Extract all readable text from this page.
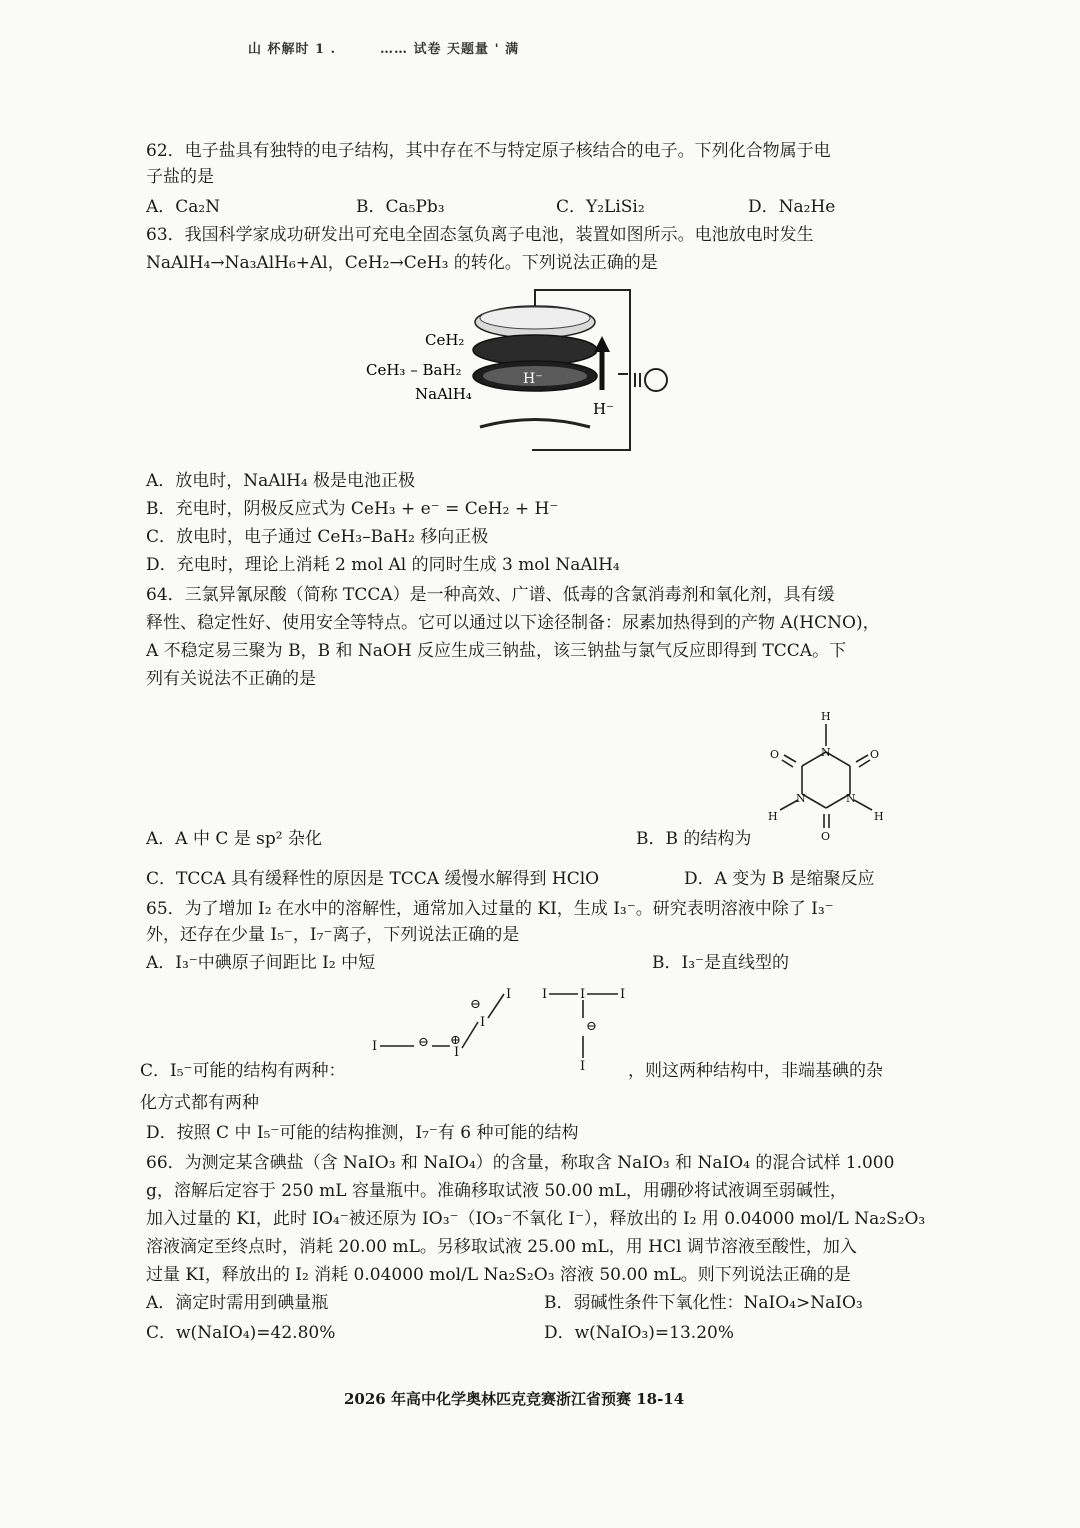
山 杯解时 1 .	…… 试卷 天题量 ' 满
62．电子盐具有独特的电子结构，其中存在不与特定原子核结合的电子。下列化合物属于电
子盐的是
A．Ca₂N	B．Ca₅Pb₃	C．Y₂LiSi₂	D．Na₂He
63．我国科学家成功研发出可充电全固态氢负离子电池，装置如图所示。电池放电时发生
NaAlH₄→Na₃AlH₆+Al，CeH₂→CeH₃ 的转化。下列说法正确的是
CeH₂
CeH₃ – BaH₂
NaAlH₄
H⁻
H⁻
A．放电时，NaAlH₄ 极是电池正极
B．充电时，阴极反应式为 CeH₃ + e⁻ = CeH₂ + H⁻
C．放电时，电子通过 CeH₃–BaH₂ 移向正极
D．充电时，理论上消耗 2 mol Al 的同时生成 3 mol NaAlH₄
64．三氯异氰尿酸（简称 TCCA）是一种高效、广谱、低毒的含氯消毒剂和氧化剂，具有缓
释性、稳定性好、使用安全等特点。它可以通过以下途径制备：尿素加热得到的产物 A(HCNO)，
A 不稳定易三聚为 B，B 和 NaOH 反应生成三钠盐，该三钠盐与氯气反应即得到 TCCA。下
列有关说法不正确的是
H
N	O
O
N
N
H
H
O
A．A 中 C 是 sp² 杂化	B．B 的结构为
C．TCCA 具有缓释性的原因是 TCCA 缓慢水解得到 HClO	D．A 变为 B 是缩聚反应
65．为了增加 I₂ 在水中的溶解性，通常加入过量的 KI，生成 I₃⁻。研究表明溶液中除了 I₃⁻
外，还存在少量 I₅⁻，I₇⁻离子，下列说法正确的是
A．I₃⁻中碘原子间距比 I₂ 中短	B．I₃⁻是直线型的
I	⊖ ⊕
I
⊖
I
I I	I	I
⊖
I
C．I₅⁻可能的结构有两种：	，则这两种结构中，非端基碘的杂
化方式都有两种
D．按照 C 中 I₅⁻可能的结构推测，I₇⁻有 6 种可能的结构
66．为测定某含碘盐（含 NaIO₃ 和 NaIO₄）的含量，称取含 NaIO₃ 和 NaIO₄ 的混合试样 1.000
g，溶解后定容于 250 mL 容量瓶中。准确移取试液 50.00 mL，用硼砂将试液调至弱碱性，
加入过量的 KI，此时 IO₄⁻被还原为 IO₃⁻（IO₃⁻不氧化 I⁻），释放出的 I₂ 用 0.04000 mol/L Na₂S₂O₃
溶液滴定至终点时，消耗 20.00 mL。另移取试液 25.00 mL，用 HCl 调节溶液至酸性，加入
过量 KI，释放出的 I₂ 消耗 0.04000 mol/L Na₂S₂O₃ 溶液 50.00 mL。则下列说法正确的是
A．滴定时需用到碘量瓶	B．弱碱性条件下氧化性：NaIO₄>NaIO₃
C．w(NaIO₄)=42.80%	D．w(NaIO₃)=13.20%
2026 年高中化学奥林匹克竞赛浙江省预赛 18-14
